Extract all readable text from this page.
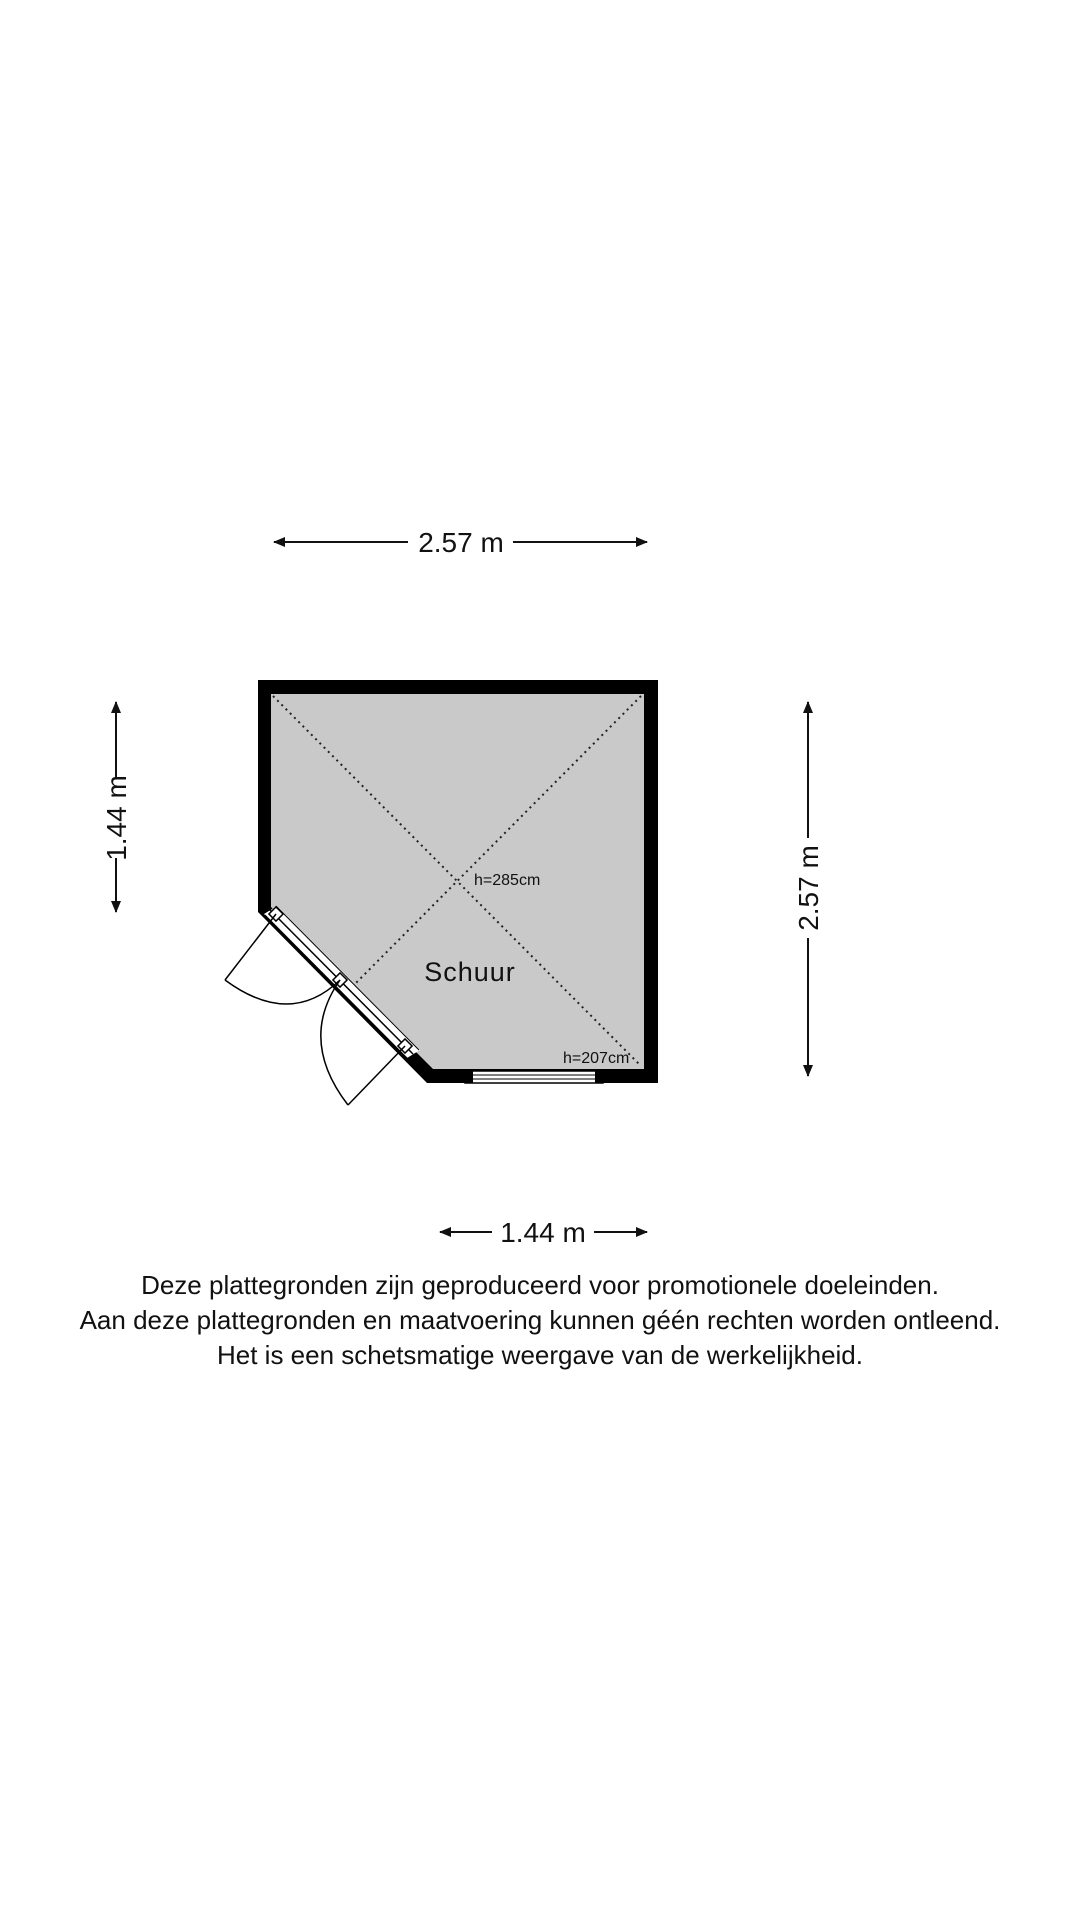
Schuur
h=285cm
h=207cm
2.57 m
1.44 m
2.57 m
1.44 m
Deze plattegronden zijn geproduceerd voor promotionele doeleinden.
Aan deze plattegronden en maatvoering kunnen géén rechten worden ontleend.
Het is een schetsmatige weergave van de werkelijkheid.
